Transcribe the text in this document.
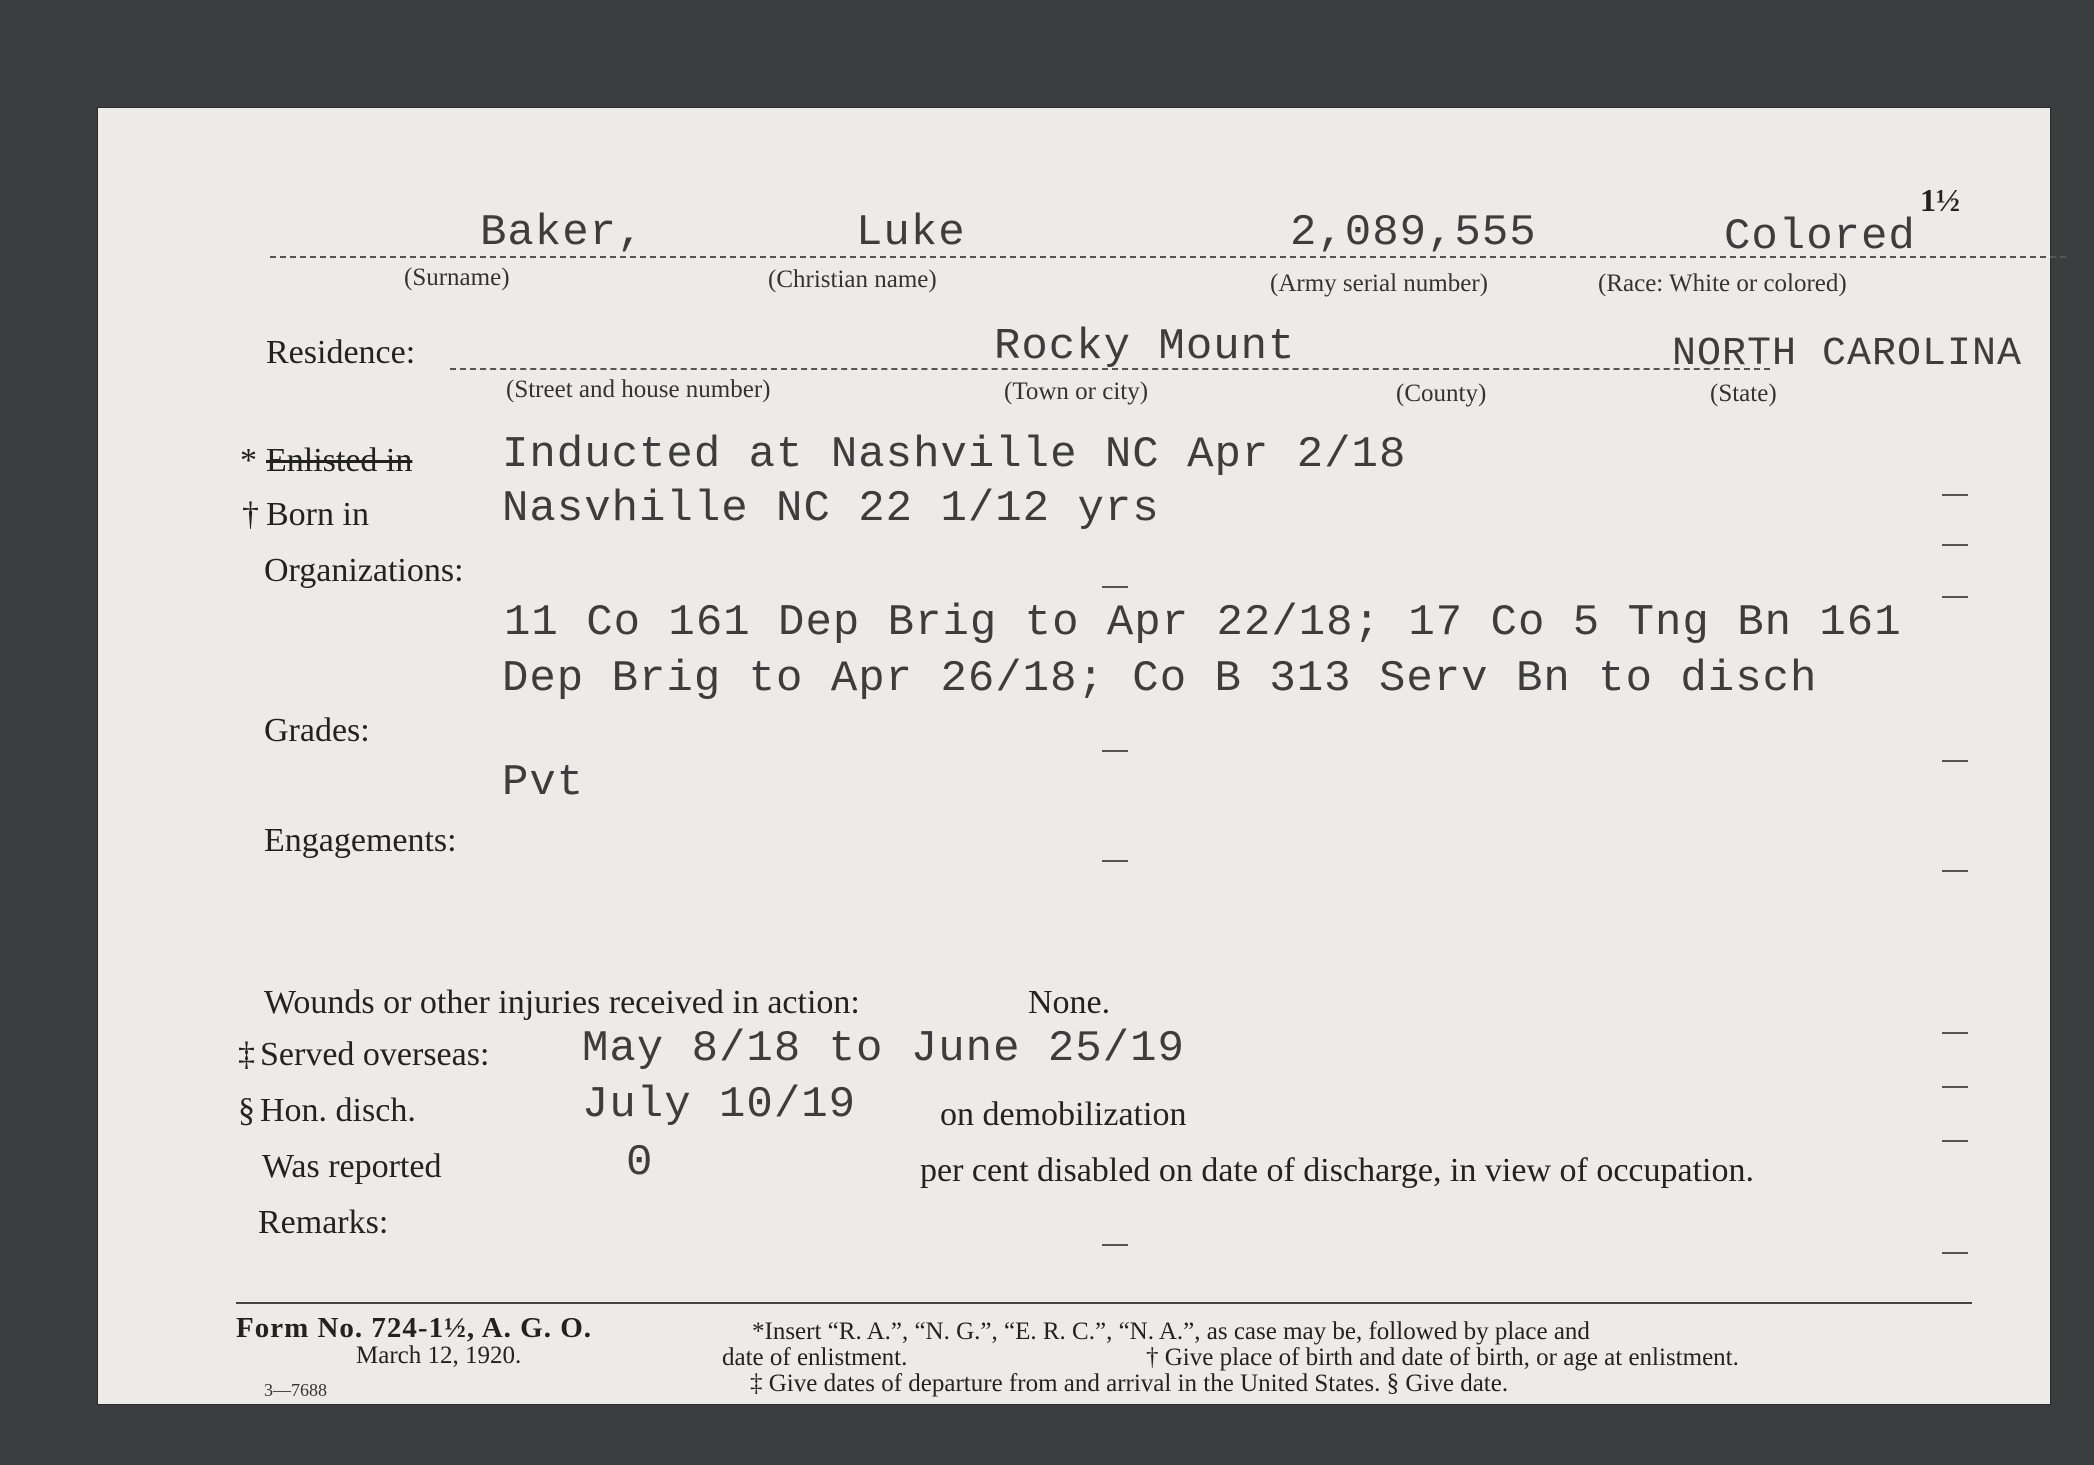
1½
Baker,	Luke	2,089,555	Colored
(Surname)	(Christian name)	(Army serial number)	(Race: White or colored)
Residence:	Rocky Mount	NORTH CAROLINA
(Street and house number)	(Town or city)	(County)	(State)
* Enlisted in Inducted at Nashville NC Apr 2/18
† Born in	Nasvhille NC 22 1/12 yrs
Organizations:
11 Co 161 Dep Brig to Apr 22/18; 17 Co 5 Tng Bn 161
Dep Brig to Apr 26/18; Co B 313 Serv Bn to disch
Grades:
Pvt
Engagements:
Wounds or other injuries received in action:	None.
‡ Served overseas: May 8/18 to June 25/19
§ Hon. disch.	July 10/19 on demobilization
Was reported	0	per cent disabled on date of discharge, in view of occupation.
Remarks:
Form No. 724-1½, A. G. O.
March 12, 1920.
3—7688
*Insert “R. A.”, “N. G.”, “E. R. C.”, “N. A.”, as case may be, followed by place and
date of enlistment.	† Give place of birth and date of birth, or age at enlistment.
‡ Give dates of departure from and arrival in the United States. § Give date.
